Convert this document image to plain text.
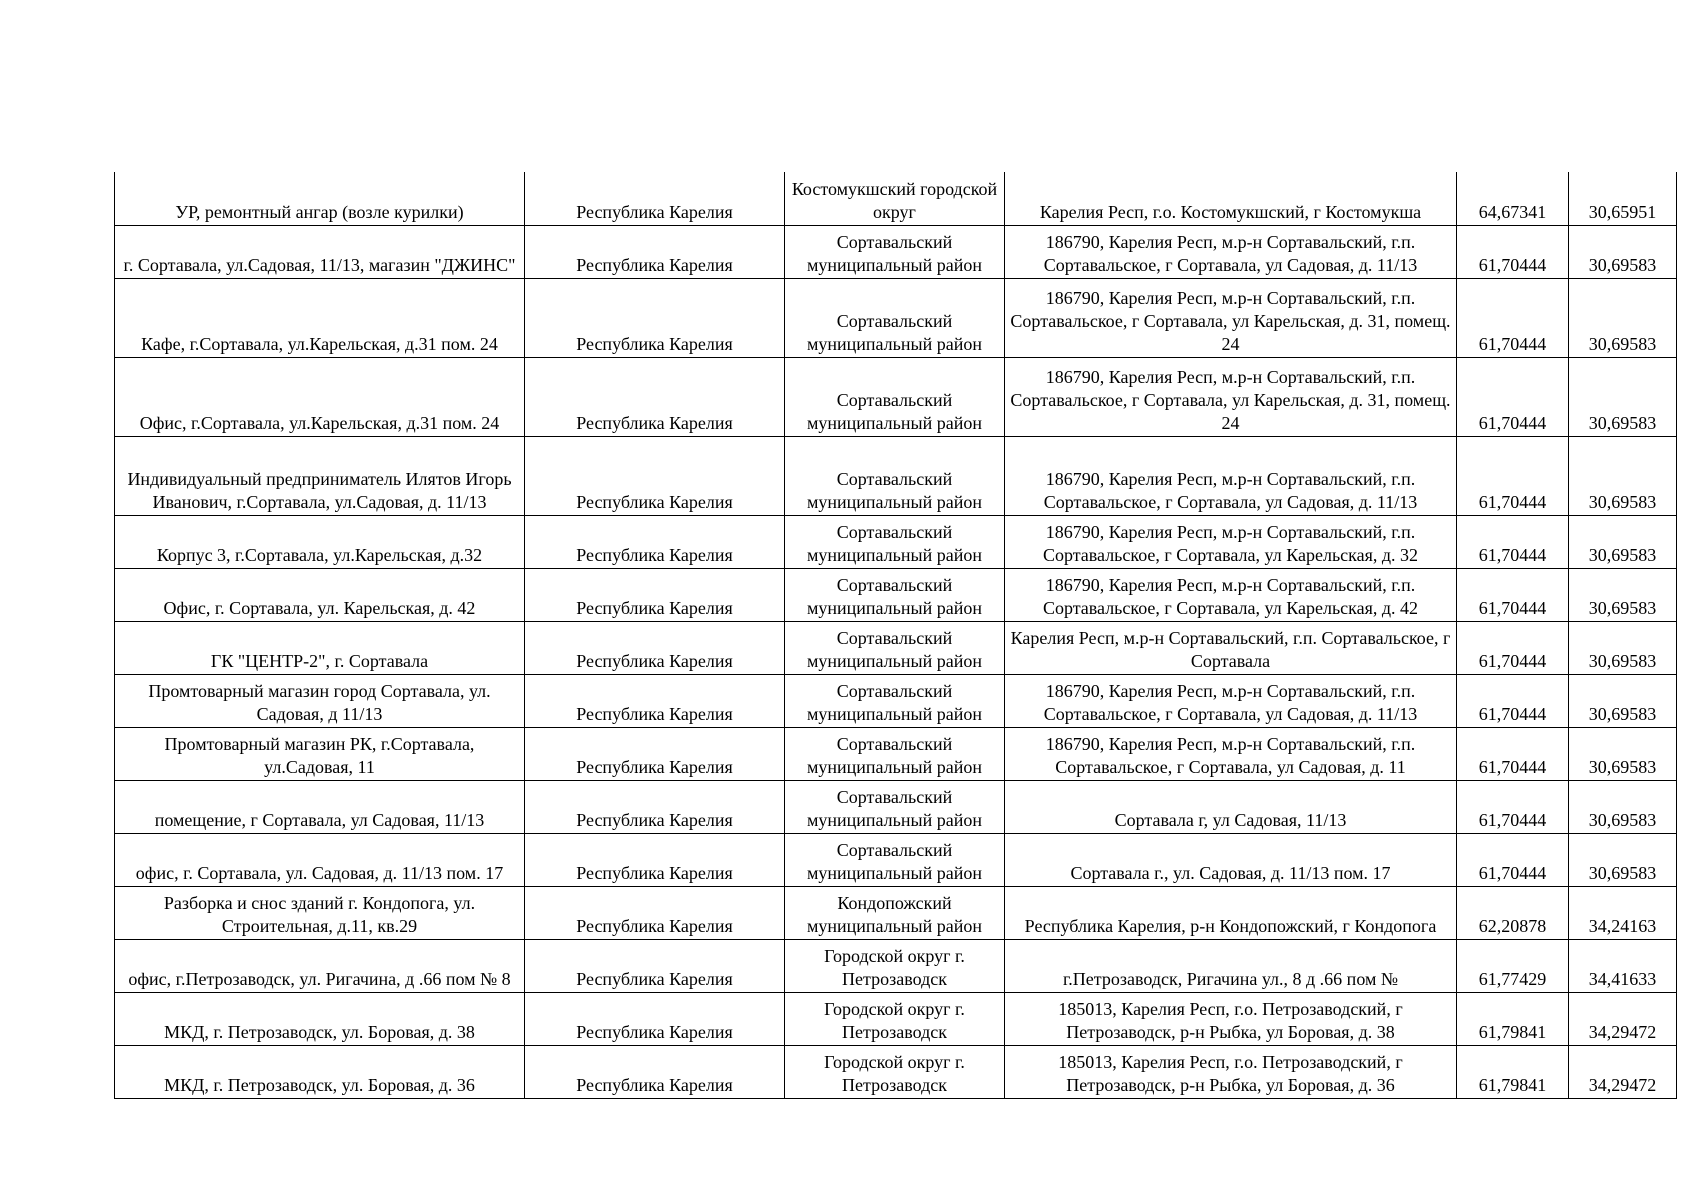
УР, ремонтный ангар (возле курилки)	Республика Карелия	Костомукшский городской округ	Карелия Респ, г.о. Костомукшский, г Костомукша	64,67341	30,65951
г. Сортавала, ул.Садовая, 11/13, магазин "ДЖИНС"	Республика Карелия	Сортавальский муниципальный район	186790, Карелия Респ, м.р-н Сортавальский, г.п. Сортавальское, г Сортавала, ул Садовая, д. 11/13	61,70444	30,69583
Кафе, г.Сортавала, ул.Карельская, д.31 пом. 24	Республика Карелия	Сортавальский муниципальный район	186790, Карелия Респ, м.р-н Сортавальский, г.п. Сортавальское, г Сортавала, ул Карельская, д. 31, помещ. 24	61,70444	30,69583
Офис, г.Сортавала, ул.Карельская, д.31 пом. 24	Республика Карелия	Сортавальский муниципальный район	186790, Карелия Респ, м.р-н Сортавальский, г.п. Сортавальское, г Сортавала, ул Карельская, д. 31, помещ. 24	61,70444	30,69583
Индивидуальный предприниматель Илятов Игорь Иванович, г.Сортавала, ул.Садовая, д. 11/13	Республика Карелия	Сортавальский муниципальный район	186790, Карелия Респ, м.р-н Сортавальский, г.п. Сортавальское, г Сортавала, ул Садовая, д. 11/13	61,70444	30,69583
Корпус 3, г.Сортавала, ул.Карельская, д.32	Республика Карелия	Сортавальский муниципальный район	186790, Карелия Респ, м.р-н Сортавальский, г.п. Сортавальское, г Сортавала, ул Карельская, д. 32	61,70444	30,69583
Офис, г. Сортавала, ул. Карельская, д. 42	Республика Карелия	Сортавальский муниципальный район	186790, Карелия Респ, м.р-н Сортавальский, г.п. Сортавальское, г Сортавала, ул Карельская, д. 42	61,70444	30,69583
ГК "ЦЕНТР-2", г. Сортавала	Республика Карелия	Сортавальский муниципальный район	Карелия Респ, м.р-н Сортавальский, г.п. Сортавальское, г Сортавала	61,70444	30,69583
Промтоварный магазин город Сортавала, ул. Садовая, д 11/13	Республика Карелия	Сортавальский муниципальный район	186790, Карелия Респ, м.р-н Сортавальский, г.п. Сортавальское, г Сортавала, ул Садовая, д. 11/13	61,70444	30,69583
Промтоварный магазин РК, г.Сортавала, ул.Садовая, 11	Республика Карелия	Сортавальский муниципальный район	186790, Карелия Респ, м.р-н Сортавальский, г.п. Сортавальское, г Сортавала, ул Садовая, д. 11	61,70444	30,69583
помещение, г Сортавала, ул Садовая, 11/13	Республика Карелия	Сортавальский муниципальный район	Сортавала г, ул Садовая, 11/13	61,70444	30,69583
офис, г. Сортавала, ул. Садовая, д. 11/13 пом. 17	Республика Карелия	Сортавальский муниципальный район	Сортавала г., ул. Садовая, д. 11/13 пом. 17	61,70444	30,69583
Разборка и снос зданий г. Кондопога, ул. Строительная, д.11, кв.29	Республика Карелия	Кондопожский муниципальный район	Республика Карелия, р-н Кондопожский, г Кондопога	62,20878	34,24163
офис, г.Петрозаводск, ул. Ригачина, д .66 пом № 8	Республика Карелия	Городской округ г. Петрозаводск	г.Петрозаводск, Ригачина ул., 8 д .66 пом №	61,77429	34,41633
МКД, г. Петрозаводск, ул. Боровая, д. 38	Республика Карелия	Городской округ г. Петрозаводск	185013, Карелия Респ, г.о. Петрозаводский, г Петрозаводск, р-н Рыбка, ул Боровая, д. 38	61,79841	34,29472
МКД, г. Петрозаводск, ул. Боровая, д. 36	Республика Карелия	Городской округ г. Петрозаводск	185013, Карелия Респ, г.о. Петрозаводский, г Петрозаводск, р-н Рыбка, ул Боровая, д. 36	61,79841	34,29472
